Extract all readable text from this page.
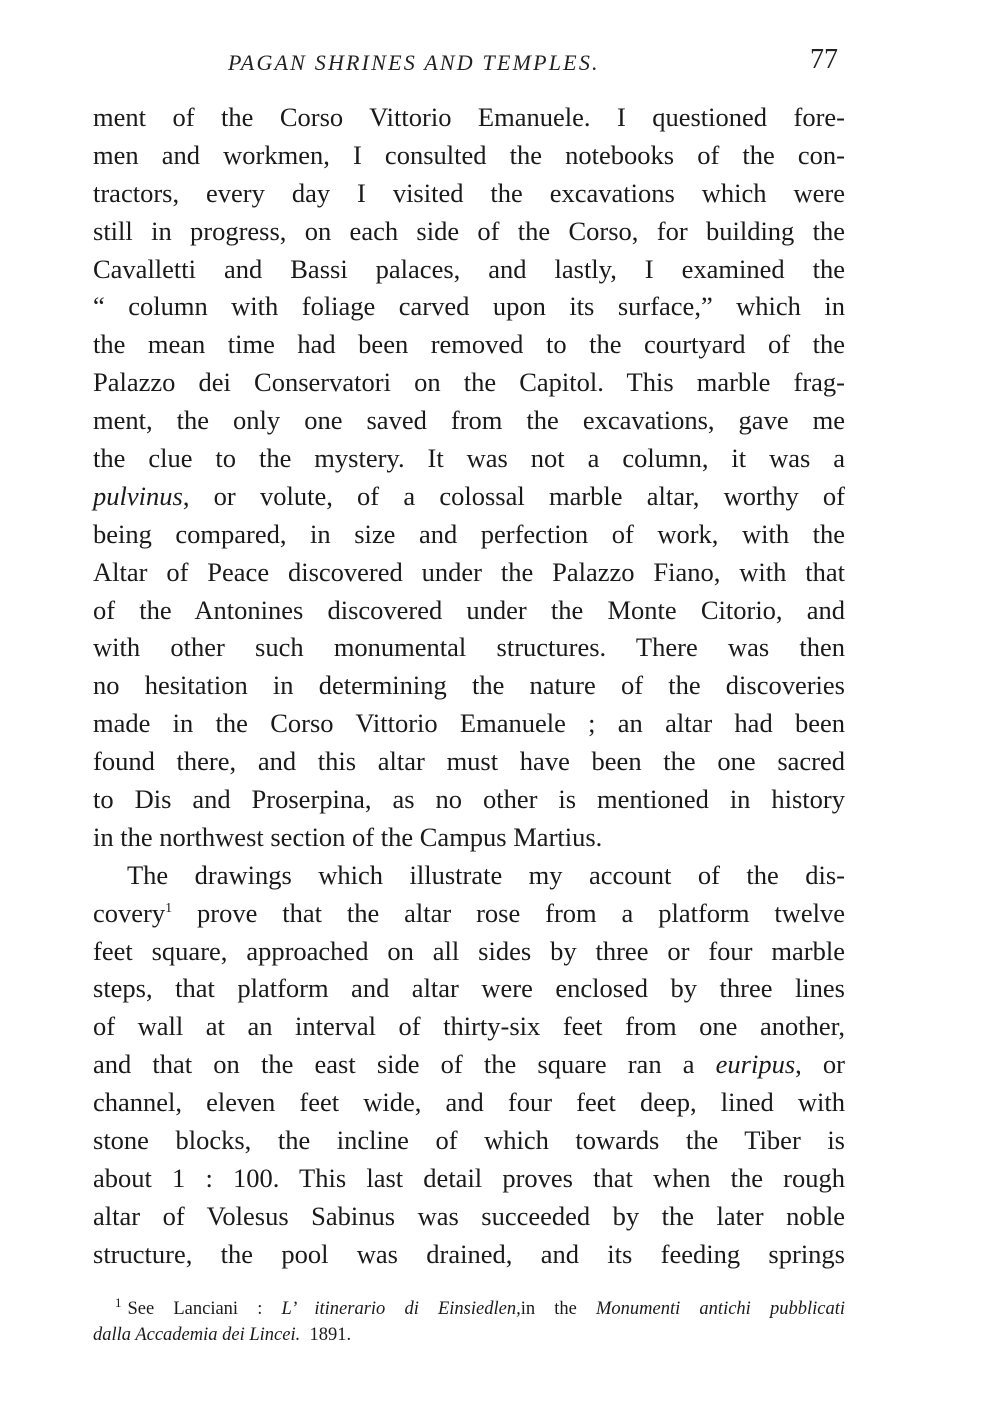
PAGAN SHRINES AND TEMPLES.	77
ment of the Corso Vittorio Emanuele. I questioned fore-
men and workmen, I consulted the notebooks of the con-
tractors, every day I visited the excavations which were
still in progress, on each side of the Corso, for building the
Cavalletti and Bassi palaces, and lastly, I examined the
“ column with foliage carved upon its surface,” which in
the mean time had been removed to the courtyard of the
Palazzo dei Conservatori on the Capitol. This marble frag-
ment, the only one saved from the excavations, gave me
the clue to the mystery. It was not a column, it was a
pulvinus, or volute, of a colossal marble altar, worthy of
being compared, in size and perfection of work, with the
Altar of Peace discovered under the Palazzo Fiano, with that
of the Antonines discovered under the Monte Citorio, and
with other such monumental structures. There was then
no hesitation in determining the nature of the discoveries
made in the Corso Vittorio Emanuele ; an altar had been
found there, and this altar must have been the one sacred
to Dis and Proserpina, as no other is mentioned in history
in the northwest section of the Campus Martius.
The drawings which illustrate my account of the dis-
covery$^1$ prove that the altar rose from a platform twelve
feet square, approached on all sides by three or four marble
steps, that platform and altar were enclosed by three lines
of wall at an interval of thirty-six feet from one another,
and that on the east side of the square ran a euripus, or
channel, eleven feet wide, and four feet deep, lined with
stone blocks, the incline of which towards the Tiber is
about 1 : 100. This last detail proves that when the rough
altar of Volesus Sabinus was succeeded by the later noble
structure, the pool was drained, and its feeding springs
$^1$ See Lanciani : L’ itinerario di Einsiedlen,in the Monumenti antichi pubblicati
dalla Accademia dei Lincei.  1891.
